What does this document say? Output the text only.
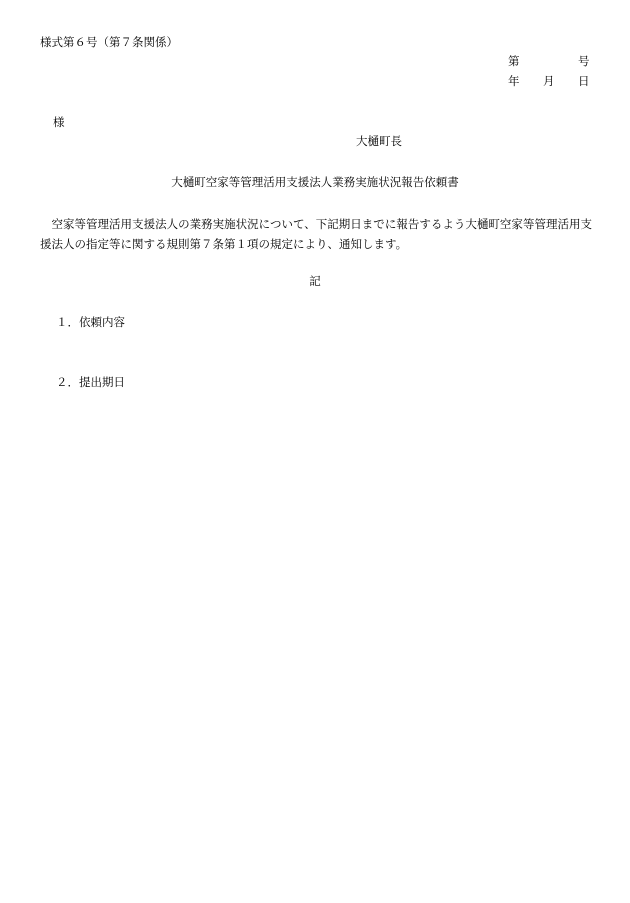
様式第６号（第７条関係）
第	号
年 月 日
様
大樋町長
大樋町空家等管理活用支援法人業務実施状況報告依頼書
空家等管理活用支援法人の業務実施状況について、下記期日までに報告するよう大樋町空家等管理活用支援法人の指定等に関する規則第７条第１項の規定により、通知します。
記
１．依頼内容
２．提出期日
